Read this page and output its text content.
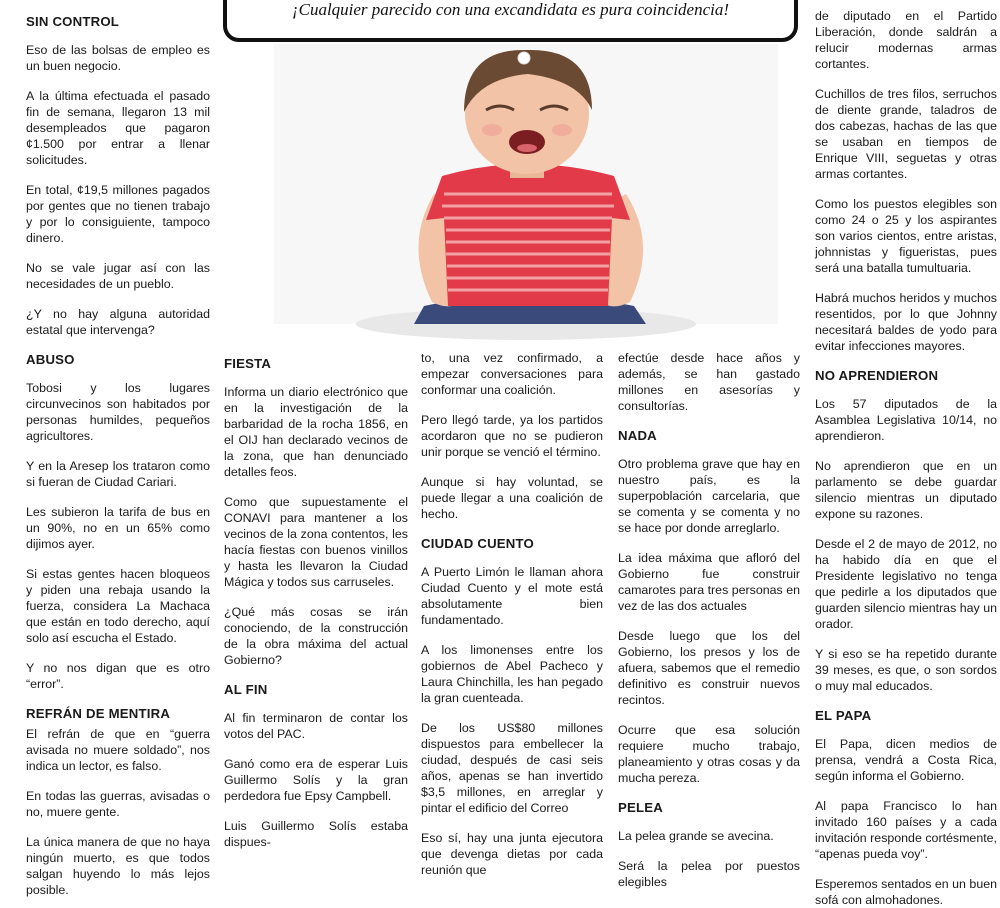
¡Cualquier parecido con una excandidata es pura coincidencia!
SIN CONTROL

Eso de las bolsas de empleo es un buen negocio.

A la última efectuada el pasado fin de semana, llegaron 13 mil desempleados que pagaron ¢1.500 por entrar a llenar solicitudes.

En total, ¢19,5 millones pagados por gentes que no tienen trabajo y por lo consiguiente, tampoco dinero.

No se vale jugar así con las necesidades de un pueblo.

¿Y no hay alguna autoridad estatal que intervenga?

ABUSO

Tobosi y los lugares circunvecinos son habitados por personas humildes, pequeños agricultores.

Y en la Aresep los trataron como si fueran de Ciudad Cariari.

Les subieron la tarifa de bus en un 90%, no en un 65% como dijimos ayer.

Si estas gentes hacen bloqueos y piden una rebaja usando la fuerza, considera La Machaca que están en todo derecho, aquí solo así escucha el Estado.

Y no nos digan que es otro “error”.

REFRÁN DE MENTIRA

El refrán de que en “guerra avisada no muere soldado”, nos indica un lector, es falso.

En todas las guerras, avisadas o no, muere gente.

La única manera de que no haya ningún muerto, es que todos salgan huyendo lo más lejos posible.

FIESTA

Informa un diario electrónico que en la investigación de la barbaridad de la rocha 1856, en el OIJ han declarado vecinos de la zona, que han denunciado detalles feos.

Como que supuestamente el CONAVI para mantener a los vecinos de la zona contentos, les hacía fiestas con buenos vinillos y hasta les llevaron la Ciudad Mágica y todos sus carruseles.

¿Qué más cosas se irán conociendo, de la construcción de la obra máxima del actual Gobierno?

AL FIN

Al fin terminaron de contar los votos del PAC.

Ganó como era de esperar Luis Guillermo Solís y la gran perdedora fue Epsy Campbell.

Luis Guillermo Solís estaba dispues-

to, una vez confirmado, a empezar conversaciones para conformar una coalición.

Pero llegó tarde, ya los partidos acordaron que no se pudieron unir porque se venció el término.

Aunque si hay voluntad, se puede llegar a una coalición de hecho.

CIUDAD CUENTO

A Puerto Limón le llaman ahora Ciudad Cuento y el mote está absolutamente bien fundamentado.

A los limonenses entre los gobiernos de Abel Pacheco y Laura Chinchilla, les han pegado la gran cuenteada.

De los US$80 millones dispuestos para embellecer la ciudad, después de casi seis años, apenas se han invertido $3,5 millones, en arreglar y pintar el edificio del Correo

Eso sí, hay una junta ejecutora que devenga dietas por cada reunión que

efectúe desde hace años y además, se han gastado millones en asesorías y consultorías.

NADA

Otro problema grave que hay en nuestro país, es la superpoblación carcelaria, que se comenta y se comenta y no se hace por donde arreglarlo.

La idea máxima que afloró del Gobierno fue construir camarotes para tres personas en vez de las dos actuales

Desde luego que los del Gobierno, los presos y los de afuera, sabemos que el remedio definitivo es construir nuevos recintos.

Ocurre que esa solución requiere mucho trabajo, planeamiento y otras cosas y da mucha pereza.

PELEA

La pelea grande se avecina.

Será la pelea por puestos elegibles

de diputado en el Partido Liberación, donde saldrán a relucir modernas armas cortantes.

Cuchillos de tres filos, serruchos de diente grande, taladros de dos cabezas, hachas de las que se usaban en tiempos de Enrique VIII, seguetas y otras armas cortantes.

Como los puestos elegibles son como 24 o 25 y los aspirantes son varios cientos, entre aristas, johnnistas y figueristas, pues será una batalla tumultuaria.

Habrá muchos heridos y muchos resentidos, por lo que Johnny necesitará baldes de yodo para evitar infecciones mayores.

NO APRENDIERON

Los 57 diputados de la Asamblea Legislativa 10/14, no aprendieron.

No aprendieron que en un parlamento se debe guardar silencio mientras un diputado expone su razones.

Desde el 2 de mayo de 2012, no ha habido día en que el Presidente legislativo no tenga que pedirle a los diputados que guarden silencio mientras hay un orador.

Y si eso se ha repetido durante 39 meses, es que, o son sordos o muy mal educados.

EL PAPA

El Papa, dicen medios de prensa, vendrá a Costa Rica, según informa el Gobierno.

Al papa Francisco lo han invitado 160 países y a cada invitación responde cortésmente, “apenas pueda voy”.

Esperemos sentados en un buen sofá con almohadones.
